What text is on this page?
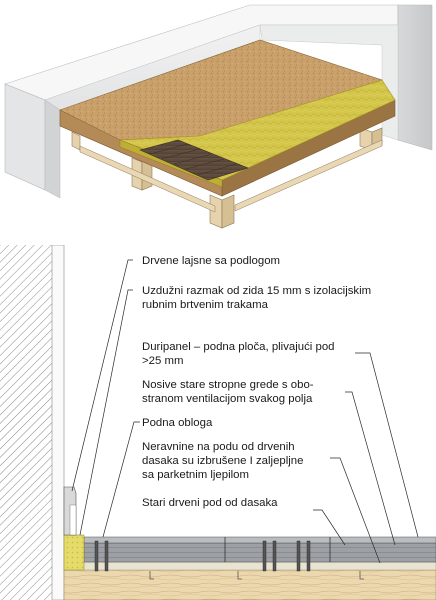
Drvene lajsne sa podlogom
Uzdužni razmak od zida 15 mm s izolacijskim
rubnim brtvenim trakama
Duripanel – podna ploča, plivajući pod
>25 mm
Nosive stare stropne grede s obo-
stranom ventilacijom svakog polja
Podna obloga
Neravnine na podu od drvenih
dasaka su izbrušene I zaljepljne
sa parketnim ljepilom
Stari drveni pod od dasaka
